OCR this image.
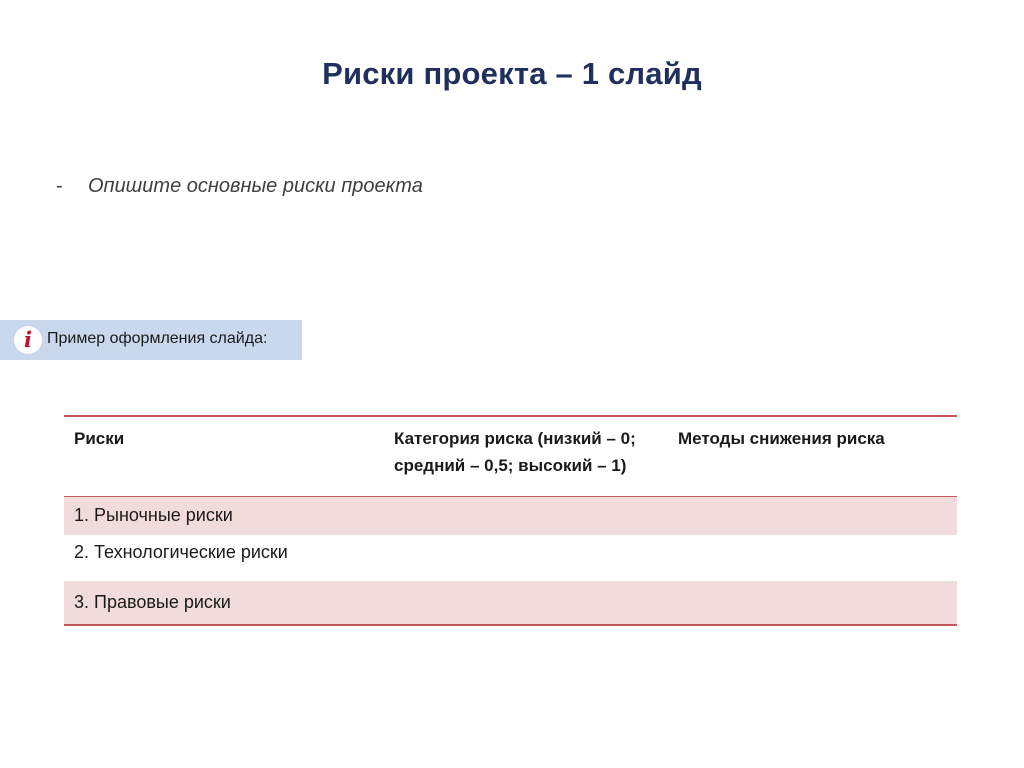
Риски проекта – 1 слайд
- Опишите основные риски проекта
i Пример оформления слайда:
Риски	Категория риска (низкий – 0; средний – 0,5; высокий – 1)	Методы снижения риска
1. Рыночные риски		
2. Технологические риски		
3. Правовые риски		
